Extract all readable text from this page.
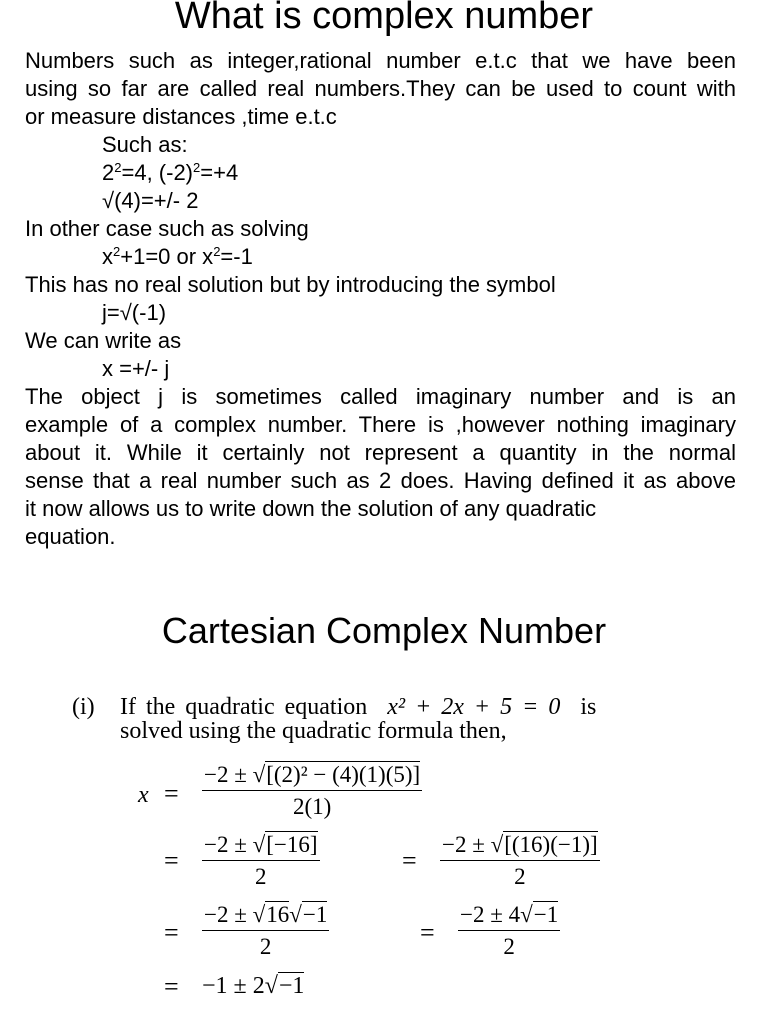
What is complex number
Numbers such as integer,rational number e.t.c that we have been
using so far are called real numbers.They can be used to count with
or measure distances ,time e.t.c
Such as:
$2^2=4$, $(-2)^2=+4$
√(4)=+/- 2
In other case such as solving
$x^2+1=0$ or $x^2=-1$
This has no real solution but by introducing the symbol
j=√(-1)
We can write as
x =+/- j
The object j is sometimes called imaginary number and is an
example of a complex number. There is ,however nothing imaginary
about it. While it certainly not represent a quantity in the normal
sense that a real number such as 2 does. Having defined it as above
it now allows us to write down the solution of any quadratic
equation.
Cartesian Complex Number
(i) If the quadratic equation x² + 2x + 5 = 0 is
solved using the quadratic formula then,
$x = \frac{\text{−2 ± √[(2)² − (4)(1)(5)]}}{2(1)}$
= $\frac{-2 \pm √[-16]}{2}$	= $\frac{-2 \pm √[(16)(-1)]}{2}$
= $\frac{-2 \pm √16√-1}{2}$	= $\frac{-2 \pm 4√-1}{2}$
= −1 ± 2√−1
